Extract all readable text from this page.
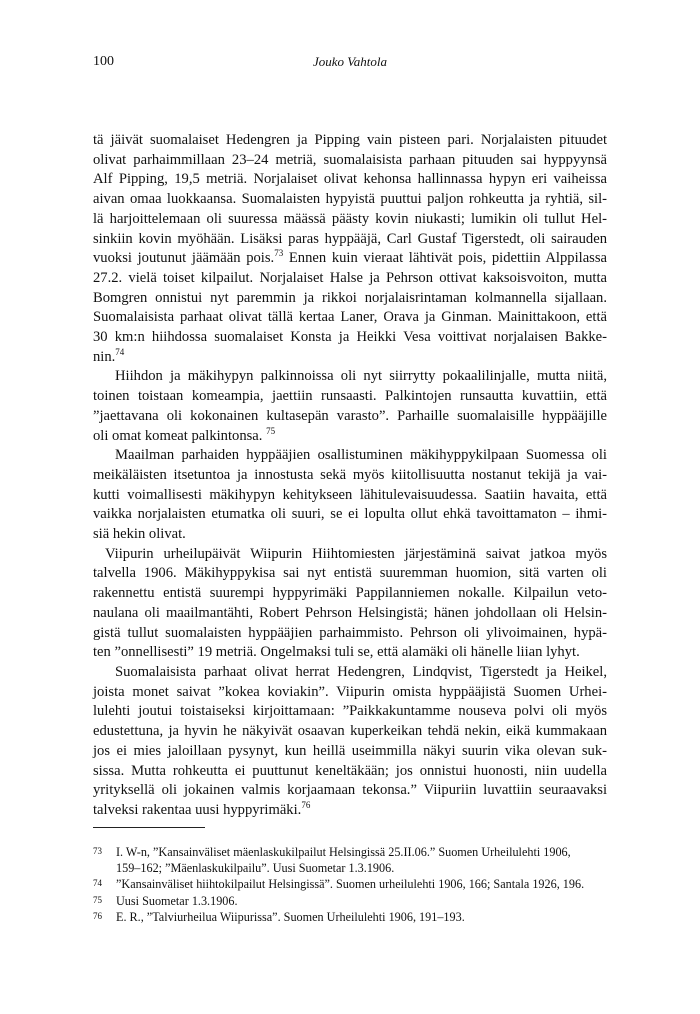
100	Jouko Vahtola
tä jäivät suomalaiset Hedengren ja Pipping vain pisteen pari. Norjalaisten pituudet
olivat parhaimmillaan 23–24 metriä, suomalaisista parhaan pituuden sai hyppyynsä
Alf Pipping, 19,5 metriä. Norjalaiset olivat kehonsa hallinnassa hypyn eri vaiheissa
aivan omaa luokkaansa. Suomalaisten hypyistä puuttui paljon rohkeutta ja ryhtiä, sil-
lä harjoittelemaan oli suuressa määssä päästy kovin niukasti; lumikin oli tullut Hel-
sinkiin kovin myöhään. Lisäksi paras hyppääjä, Carl Gustaf Tigerstedt, oli sairauden
vuoksi joutunut jäämään pois.$^{73}$ Ennen kuin vieraat lähtivät pois, pidettiin Alppilassa
27.2. vielä toiset kilpailut. Norjalaiset Halse ja Pehrson ottivat kaksoisvoiton, mutta
Bomgren onnistui nyt paremmin ja rikkoi norjalaisrintaman kolmannella sijallaan.
Suomalaisista parhaat olivat tällä kertaa Laner, Orava ja Ginman. Mainittakoon, että
30 km:n hiihdossa suomalaiset Konsta ja Heikki Vesa voittivat norjalaisen Bakke-
nin.$^{74}$
Hiihdon ja mäkihypyn palkinnoissa oli nyt siirrytty pokaalilinjalle, mutta niitä,
toinen toistaan komeampia, jaettiin runsaasti. Palkintojen runsautta kuvattiin, että
”jaettavana oli kokonainen kultasepän varasto”. Parhaille suomalaisille hyppääjille
oli omat komeat palkintonsa. $^{75}$
Maailman parhaiden hyppääjien osallistuminen mäkihyppykilpaan Suomessa oli
meikäläisten itsetuntoa ja innostusta sekä myös kiitollisuutta nostanut tekijä ja vai-
kutti voimallisesti mäkihypyn kehitykseen lähitulevaisuudessa. Saatiin havaita, että
vaikka norjalaisten etumatka oli suuri, se ei lopulta ollut ehkä tavoittamaton – ihmi-
siä hekin olivat.
Viipurin urheilupäivät Wiipurin Hiihtomiesten järjestäminä saivat jatkoa myös
talvella 1906. Mäkihyppykisa sai nyt entistä suuremman huomion, sitä varten oli
rakennettu entistä suurempi hyppyrimäki Pappilanniemen nokalle. Kilpailun veto-
naulana oli maailmantähti, Robert Pehrson Helsingistä; hänen johdollaan oli Helsin-
gistä tullut suomalaisten hyppääjien parhaimmisto. Pehrson oli ylivoimainen, hypä-
ten ”onnellisesti” 19 metriä. Ongelmaksi tuli se, että alamäki oli hänelle liian lyhyt.
Suomalaisista parhaat olivat herrat Hedengren, Lindqvist, Tigerstedt ja Heikel,
joista monet saivat ”kokea koviakin”. Viipurin omista hyppääjistä Suomen Urhei-
lulehti joutui toistaiseksi kirjoittamaan: ”Paikkakuntamme nouseva polvi oli myös
edustettuna, ja hyvin he näkyivät osaavan kuperkeikan tehdä nekin, eikä kummakaan
jos ei mies jaloillaan pysynyt, kun heillä useimmilla näkyi suurin vika olevan suk-
sissa. Mutta rohkeutta ei puuttunut keneltäkään; jos onnistui huonosti, niin uudella
yrityksellä oli jokainen valmis korjaamaan tekonsa.” Viipuriin luvattiin seuraavaksi
talveksi rakentaa uusi hyppyrimäki.$^{76}$
73 I. W-n, ”Kansainväliset mäenlaskukilpailut Helsingissä 25.II.06.” Suomen Urheilulehti 1906,
159–162; ”Mäenlaskukilpailu”. Uusi Suometar 1.3.1906.
74 ”Kansainväliset hiihtokilpailut Helsingissä”. Suomen urheilulehti 1906, 166; Santala 1926, 196.
75 Uusi Suometar 1.3.1906.
76 E. R., ”Talviurheilua Wiipurissa”. Suomen Urheilulehti 1906, 191–193.
